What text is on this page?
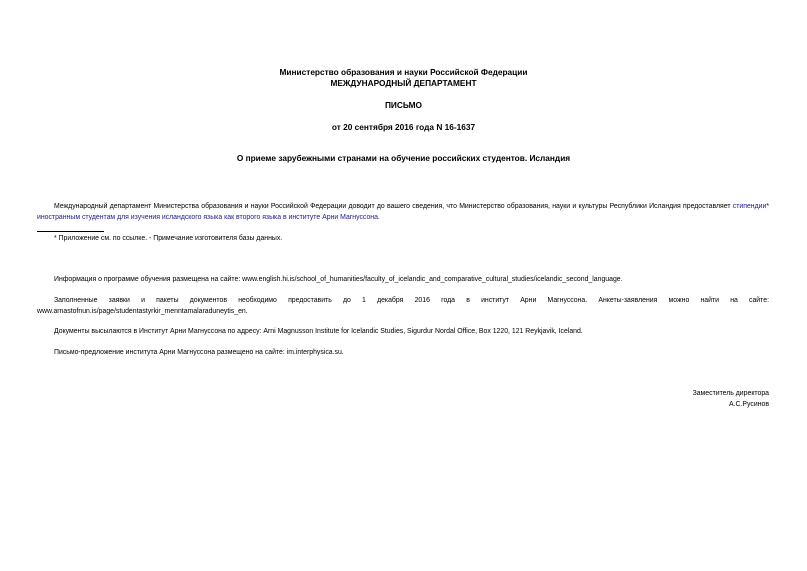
Министерство образования и науки Российской Федерации
МЕЖДУНАРОДНЫЙ ДЕПАРТАМЕНТ
ПИСЬМО
от 20 сентября 2016 года N 16-1637
О приеме зарубежными странами на обучение российских студентов. Исландия
Международный департамент Министерства образования и науки Российской Федерации доводит до вашего сведения, что Министерство образования, науки и культуры Республики Исландия предоставляет стипендии* иностранным студентам для изучения исландского языка как второго языка в институте Арни Магнуссона.
* Приложение см. по ссылке. - Примечание изготовителя базы данных.
Информация о программе обучения размещена на сайте: www.english.hi.is/school_of_humanities/faculty_of_icelandic_and_comparative_cultural_studies/icelandic_second_language.
Заполненные заявки и пакеты документов необходимо предоставить до 1 декабря 2016 года в институт Арни Магнуссона. Анкеты-заявления можно найти на сайте: www.arnastofnun.is/page/studentastyrkir_menntamalaraduneytis_en.
Документы высылаются в Институт Арни Магнуссона по адресу: Arni Magnusson Institute for Icelandic Studies, Sigurdur Nordal Office, Box 1220, 121 Reykjavik, Iceland.
Письмо-предложение института Арни Магнуссона размещено на сайте: im.interphysica.su.
Заместитель директора
А.С.Русинов
